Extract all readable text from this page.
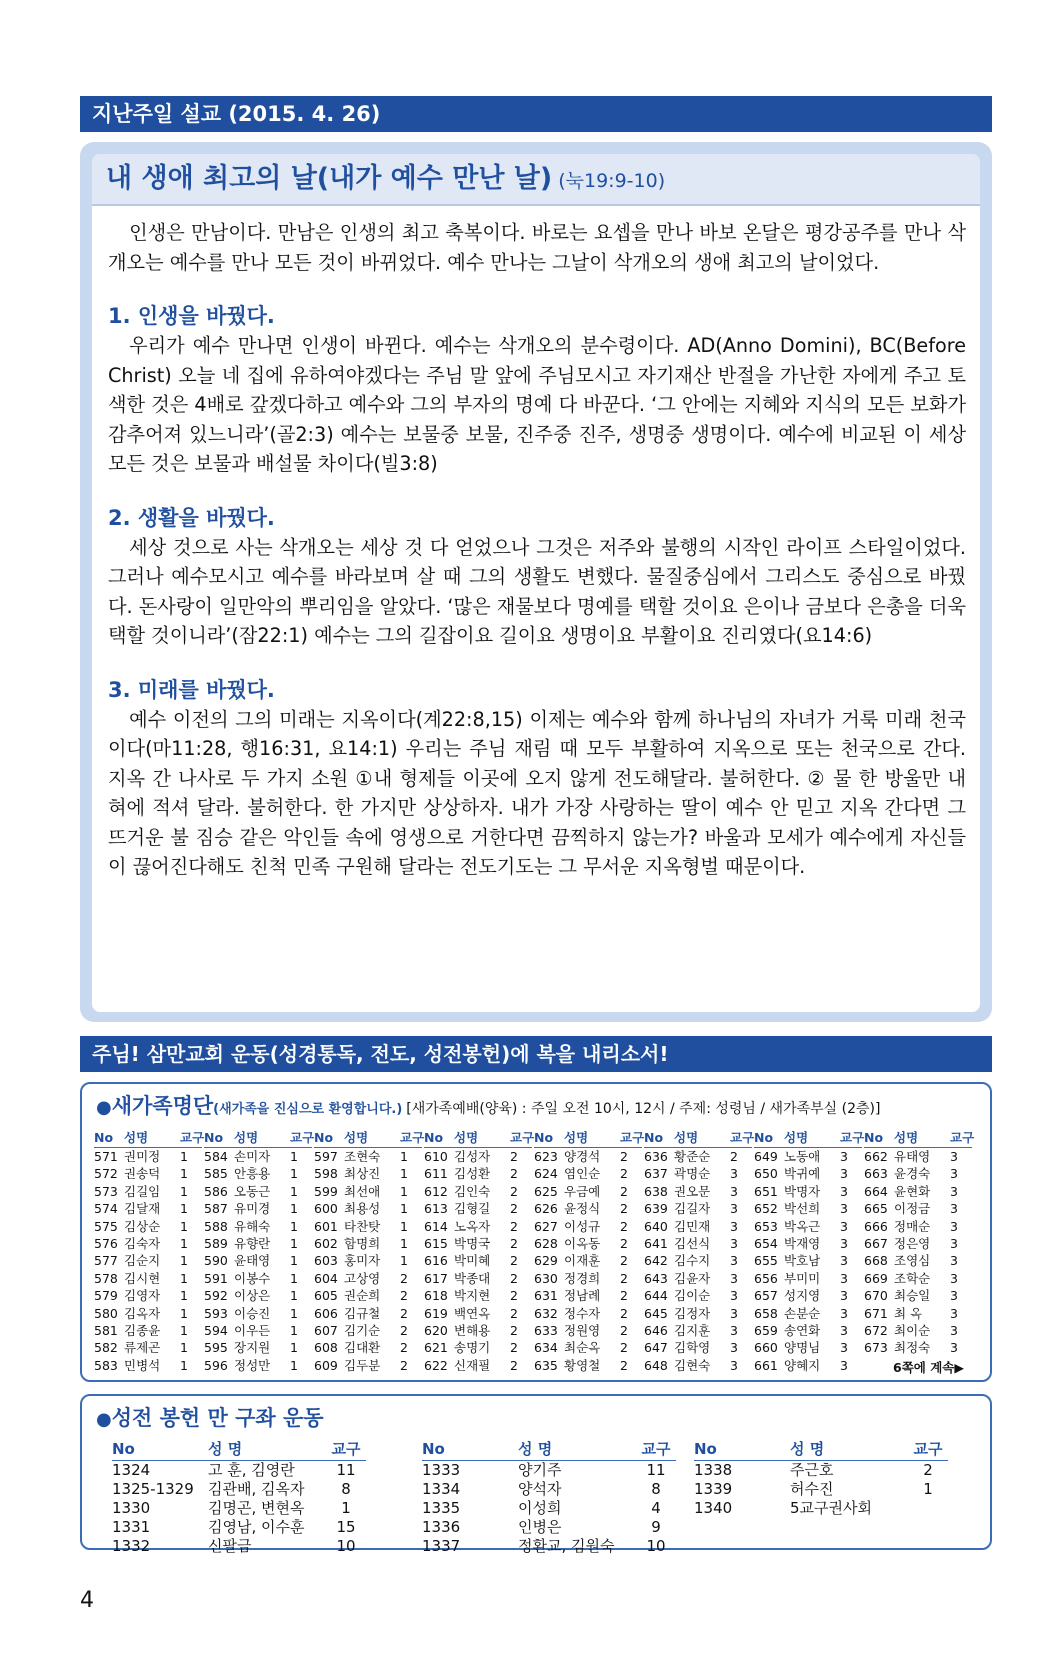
지난주일 설교 (2015. 4. 26)
내 생애 최고의 날(내가 예수 만난 날) (눅19:9-10)

인생은 만남이다. 만남은 인생의 최고 축복이다. 바로는 요셉을 만나 바보 온달은 평강공주를 만나 삭개오는 예수를 만나 모든 것이 바뀌었다. 예수 만나는 그날이 삭개오의 생애 최고의 날이었다.

1. 인생을 바꿨다.

우리가 예수 만나면 인생이 바뀐다. 예수는 삭개오의 분수령이다. AD(Anno Domini), BC(Before Christ) 오늘 네 집에 유하여야겠다는 주님 말 앞에 주님모시고 자기재산 반절을 가난한 자에게 주고 토색한 것은 4배로 갚겠다하고 예수와 그의 부자의 명예 다 바꾼다. ‘그 안에는 지혜와 지식의 모든 보화가 감추어져 있느니라’(골2:3) 예수는 보물중 보물, 진주중 진주, 생명중 생명이다. 예수에 비교된 이 세상 모든 것은 보물과 배설물 차이다(빌3:8)

2. 생활을 바꿨다.

세상 것으로 사는 삭개오는 세상 것 다 얻었으나 그것은 저주와 불행의 시작인 라이프 스타일이었다. 그러나 예수모시고 예수를 바라보며 살 때 그의 생활도 변했다. 물질중심에서 그리스도 중심으로 바꿨다. 돈사랑이 일만악의 뿌리임을 알았다. ‘많은 재물보다 명예를 택할 것이요 은이나 금보다 은총을 더욱 택할 것이니라’(잠22:1) 예수는 그의 길잡이요 길이요 생명이요 부활이요 진리였다(요14:6)

3. 미래를 바꿨다.

예수 이전의 그의 미래는 지옥이다(계22:8,15) 이제는 예수와 함께 하나님의 자녀가 거룩 미래 천국이다(마11:28, 행16:31, 요14:1) 우리는 주님 재림 때 모두 부활하여 지옥으로 또는 천국으로 간다. 지옥 간 나사로 두 가지 소원 ①내 형제들 이곳에 오지 않게 전도해달라. 불허한다. ② 물 한 방울만 내 혀에 적셔 달라. 불허한다. 한 가지만 상상하자. 내가 가장 사랑하는 딸이 예수 안 믿고 지옥 간다면 그 뜨거운 불 짐승 같은 악인들 속에 영생으로 거한다면 끔찍하지 않는가? 바울과 모세가 예수에게 자신들이 끊어진다해도 친척 민족 구원해 달라는 전도기도는 그 무서운 지옥형벌 때문이다.

주님! 삼만교회 운동(성경통독, 전도, 성전봉헌)에 복을 내리소서!
●새가족명단(새가족을 진심으로 환영합니다.) [새가족예배(양육) : 주일 오전 10시, 12시 / 주제: 성령님 / 새가족부실 (2층)]
No 성명	교구
571 권미정 1
572 권송덕 1
573 김길임 1
574 김달재 1
575 김상순 1
576 김숙자 1
577 김순지 1
578 김시현 1
579 김영자 1
580 김옥자 1
581 김종윤 1
582 류제곤 1
583 민병석 1
No 성명	교구
584 손미자 1
585 안흥용 1
586 오동근 1
587 유미경 1
588 유해숙 1
589 유향란 1
590 윤태영 1
591 이봉수 1
592 이상은 1
593 이승진 1
594 이우든 1
595 장지원 1
596 정성만 1
No 성명	교구
597 조현숙 1
598 최상진 1
599 최선애 1
600 최용성 1
601 타찬탓 1
602 함명희 1
603 홍미자 1
604 고상영 2
605 권순희 2
606 김규철 2
607 김기순 2
608 김대환 2
609 김두분 2
No 성명	교구
610 김성자 2
611 김성환 2
612 김인숙 2
613 김형길 2
614 노옥자 2
615 박명국 2
616 박미혜 2
617 박종대 2
618 박지현 2
619 백연옥 2
620 변해용 2
621 송명기 2
622 신재필 2
No 성명	교구
623 양경석 2
624 염인순 2
625 우금예 2
626 윤정식 2
627 이성규 2
628 이옥동 2
629 이재훈 2
630 정경희 2
631 정남례 2
632 정수자 2
633 정원영 2
634 최순옥 2
635 황영철 2
No 성명	교구
636 황준순 2
637 곽명순 3
638 권오문 3
639 김길자 3
640 김민재 3
641 김선식 3
642 김수지 3
643 김윤자 3
644 김이순 3
645 김정자 3
646 김지훈 3
647 김학영 3
648 김현숙 3
No 성명	교구
649 노동애 3
650 박귀예 3
651 박명자 3
652 박선희 3
653 박옥근 3
654 박재영 3
655 박호남 3
656 부미미 3
657 성지영 3
658 손분순 3
659 송연화 3
660 양명님 3
661 양혜지 3
No 성명	교구
662 유태영 3
663 윤경숙 3
664 윤현화 3
665 이정금 3
666 정매순 3
667 정은영 3
668 조영심 3
669 조학순 3
670 최승일 3
671 최 옥 3
672 최이순 3
673 최정숙 3
6쪽에 계속▶
●성전 봉헌 만 구좌 운동
No	성 명	교구
1324	고 훈, 김영란	11
1325-1329 김관배, 김옥자 8
1330	김명곤, 변현옥 1
1331	김영남, 이수훈 15
1332	신팔금	10
No	성 명	교구
1333	양기주	11
1334	양석자	8
1335	이성희	4
1336	인병은	9
1337	정환교, 김원숙 10
No	성 명	교구
1338	주근호	2
1339	허수진	1
1340	5교구권사회
4
